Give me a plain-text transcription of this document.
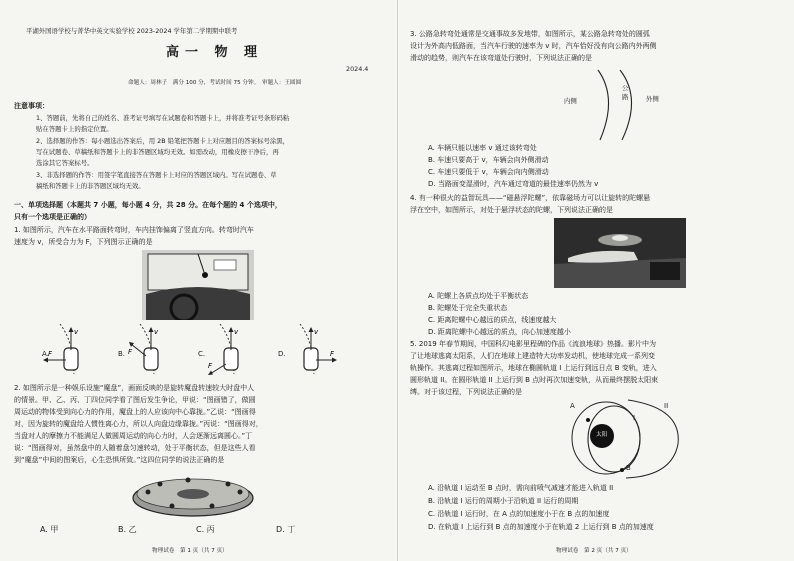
平湖外国语学校与菁华中英文实验学校 2023-2024 学年第二学期期中联考
高一 物 理
2024.4
命题人：周林子　满分 100 分，考试时间 75 分钟。　审题人：王圆圆
注意事项：
1、答题前，先将自己的姓名、准考证号填写在试题卷和答题卡上，并将准考证号条形码粘
贴在答题卡上的指定位置。
2、选择题的作答：每小题选出答案后，用 2B 铅笔把答题卡上对应题目的答案标号涂黑，
写在试题卷、草稿纸和答题卡上的非答题区域均无效。如需改动，用橡皮擦干净后，再
选涂其它答案标号。
3、非选择题的作答：用签字笔直接答在答题卡上对应的答题区域内。写在试题卷、草
稿纸和答题卡上的非答题区域均无效。
一、单项选择题（本题共 7 小题，每小题 4 分，共 28 分。在每个题的 4 个选项中，
只有一个选项是正确的）
1. 如图所示，汽车在水平路面转弯时，车内挂饰偏离了竖直方向。转弯时汽车
速度为 v，所受合力为 F，下列图示正确的是
v
F
v
F
v
F
v
F
A.	B.	C.	D.
2. 如图所示是一种娱乐设施“魔盘”，画面反映的是旋转魔盘转速较大时盘中人
的情景。甲、乙、丙、丁四位同学看了图后发生争论，甲说：“图画错了，做圆
周运动的物体受到向心力的作用，魔盘上的人应该向中心靠拢。”乙说：“图画得
对，因为旋转的魔盘给人惯性离心力，所以人向盘边缘靠拢。”丙说：“图画得对，
当盘对人的摩擦力不能满足人做圆周运动的向心力时，人会逐渐远离圆心。”丁
说：“图画得对，虽然盘中的人随着盘匀速转动，处于平衡状态，但是这些人看
到“魔盘”中间的图案后，心生恐惧所致。”这四位同学的说法正确的是
A. 甲	B. 乙	C. 丙	D. 丁
物理试卷　第 1 页（共 7 页）
3. 公路急转弯处通常是交通事故多发地带，如图所示，某公路急转弯处的圆弧
设计为外高内低路面，当汽车行驶的速率为 v 时，汽车恰好没有向公路内外两侧
滑动的趋势，则汽车在该弯道处行驶时，下列说法正确的是
内侧	外侧
公路
A. 车辆只能以速率 v 通过该转弯处
B. 车速只要高于 v，车辆会向外侧滑动
C. 车速只要低于 v，车辆会向内侧滑动
D. 当路面变湿滑时，汽车通过弯道的最佳速率仍然为 v
4. 有一种很火的益智玩具——“磁悬浮陀螺”，依靠磁场力可以让旋转的陀螺悬
浮在空中，如图所示，对处于悬浮状态的陀螺，下列说法正确的是
A. 陀螺上各质点均处于平衡状态
B. 陀螺处于完全失重状态
C. 距离陀螺中心越远的质点，线速度越大
D. 距离陀螺中心越远的质点，向心加速度越小
5. 2019 年春节期间，中国科幻电影里程碑的作品《流浪地球》热播。影片中为
了让地球逃离太阳系，人们在地球上建造特大功率发动机，使地球完成一系列变
轨操作。其逃离过程如图所示，地球在椭圆轨道 I 上运行到远日点 B 变轨，进入
圆形轨道 II。在圆形轨道 II 上运行到 B 点时再次加速变轨，从而最终摆脱太阳束
缚。对于该过程，下列说法正确的是
A
B
太阳
I
II
A. 沿轨道 I 运动至 B 点时，需向前喷气减速才能进入轨道 II
B. 沿轨道 I 运行的周期小于沿轨道 II 运行的周期
C. 沿轨道 I 运行时，在 A 点的加速度小于在 B 点的加速度
D. 在轨道 I 上运行到 B 点的加速度小于在轨道 2 上运行到 B 点的加速度
物理试卷　第 2 页（共 7 页）
